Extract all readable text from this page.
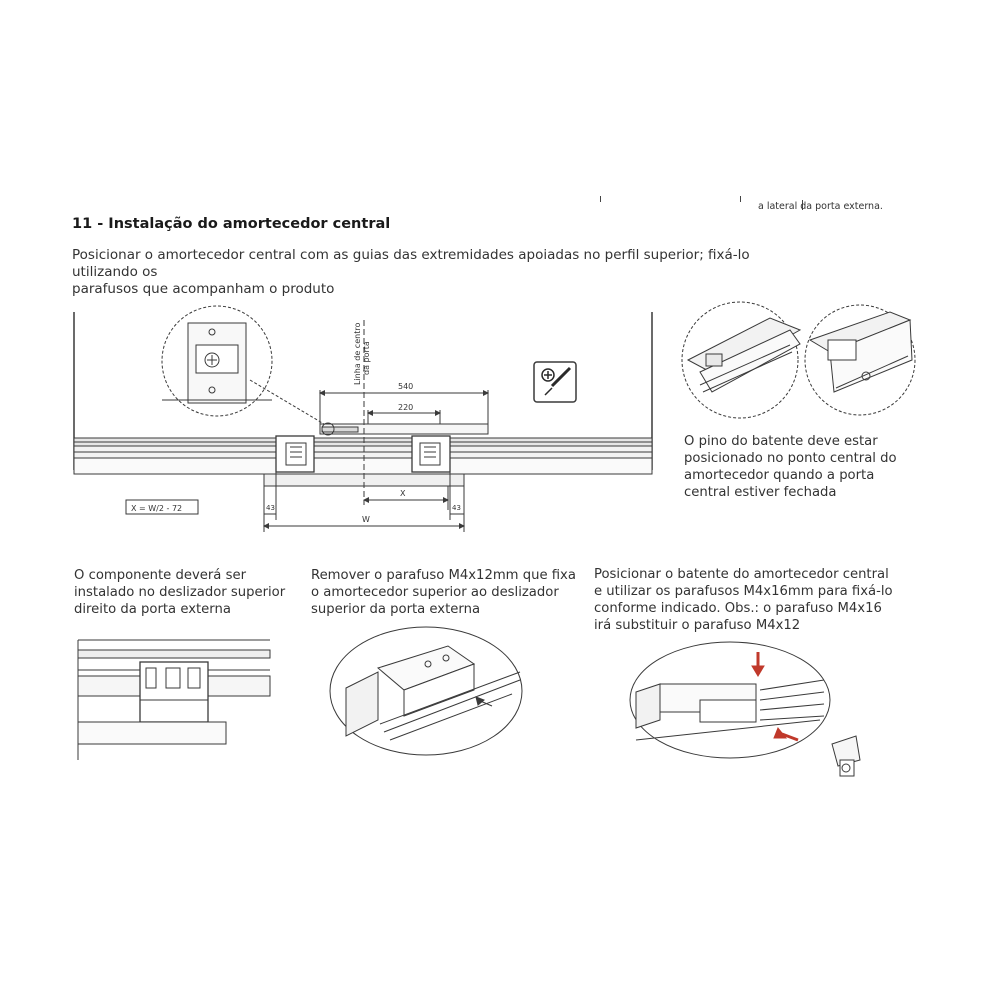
a lateral da porta externa.
11 - Instalação do amortecedor central
Posicionar o amortecedor central com as guias das extremidades apoiadas no perfil superior; fixá-lo utilizando os
parafusos que acompanham o produto
Linha de centro da porta
540
220
X
W
43	43
X = W/2 - 72
O pino do batente deve estar
posicionado no ponto central do
amortecedor quando a porta
central estiver fechada
O componente deverá ser
instalado no deslizador superior
direito da porta externa
Remover o parafuso M4x12mm que fixa
o amortecedor superior ao deslizador
superior da porta externa
Posicionar o batente do amortecedor central
e utilizar os parafusos M4x16mm para fixá-lo
conforme indicado. Obs.: o parafuso M4x16
irá substituir o parafuso M4x12
